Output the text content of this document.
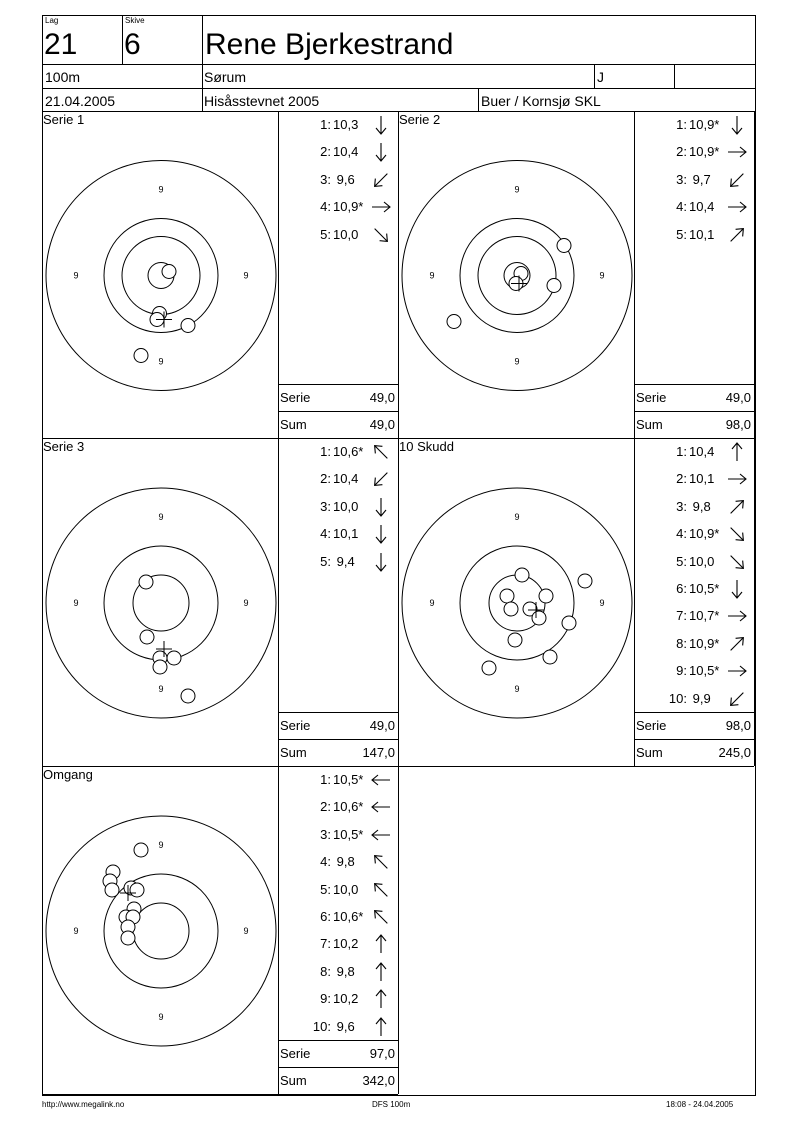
Lag
21
Skive
6 Rene Bjerkestrand
100m	Sørum	J
21.04.2005	Hisåsstevnet 2005	Buer / Kornsjø SKL
Serie 1
9
9
9	9
1: 10,3
2: 10,4
3: 9,6
4: 10,9*
5: 10,0
Serie	49,0
Sum	49,0
Serie 2
9
9
9	9
1: 10,9*
2: 10,9*
3: 9,7
4: 10,4
5: 10,1
Serie	49,0
Sum	98,0
Serie 3
9
9
9	9
1: 10,6*
2: 10,4
3: 10,0
4: 10,1
5: 9,4
Serie	49,0
Sum	147,0
10 Skudd
9
9
9	9
1: 10,4
2: 10,1
3: 9,8
4: 10,9*
5: 10,0
6: 10,5*
7: 10,7*
8: 10,9*
9: 10,5*
10: 9,9
Serie	98,0
Sum	245,0
Omgang
9
9
9	9
1: 10,5*
2: 10,6*
3: 10,5*
4: 9,8
5: 10,0
6: 10,6*
7: 10,2
8: 9,8
9: 10,2
10: 9,6
Serie	97,0
Sum	342,0
http://www.megalink.no	DFS 100m	18:08 - 24.04.2005
